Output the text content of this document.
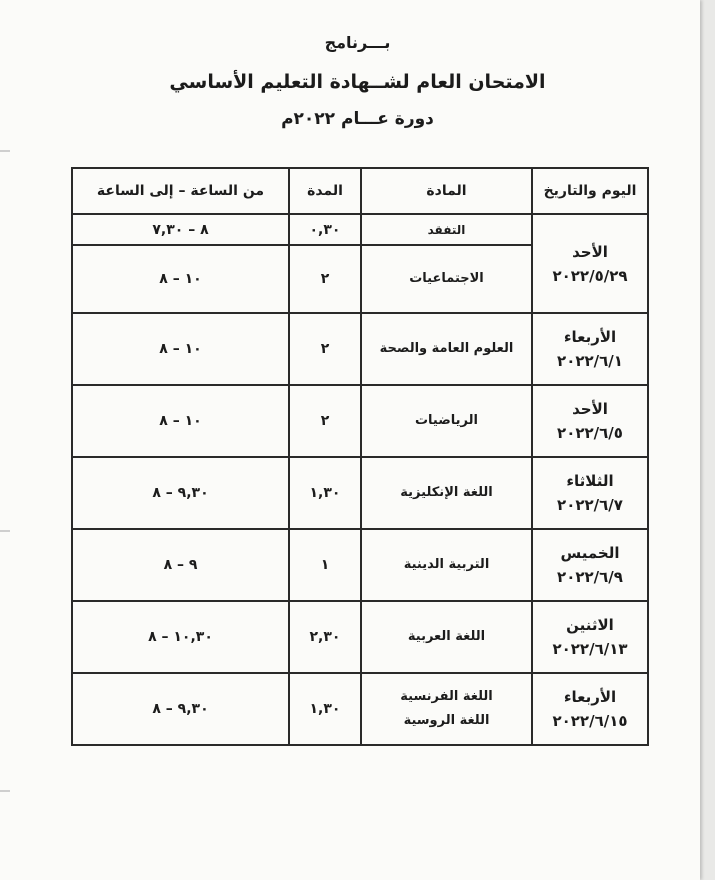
بـــرنامج
الامتحان العام لشــهادة التعليم الأساسي
دورة عـــام ٢٠٢٢م
اليوم والتاريخ	المادة	المدة	من الساعة – إلى الساعة

الأحد
٢٠٢٢/٥/٢٩	التفقد	٠,٣٠	٨ – ٧,٣٠
	الاجتماعيات	٢	١٠ – ٨

الأربعاء
٢٠٢٢/٦/١	العلوم العامة والصحة	٢	١٠ – ٨

الأحد
٢٠٢٢/٦/٥	الرياضيات	٢	١٠ – ٨

الثلاثاء
٢٠٢٢/٦/٧	اللغة الإنكليزية	١,٣٠	٩,٣٠ – ٨

الخميس
٢٠٢٢/٦/٩	التربية الدينية	١	٩ – ٨

الاثنين
٢٠٢٢/٦/١٣	اللغة العربية	٢,٣٠	١٠,٣٠ – ٨

الأربعاء
٢٠٢٢/٦/١٥	اللغة الفرنسية
اللغة الروسية	١,٣٠	٩,٣٠ – ٨
